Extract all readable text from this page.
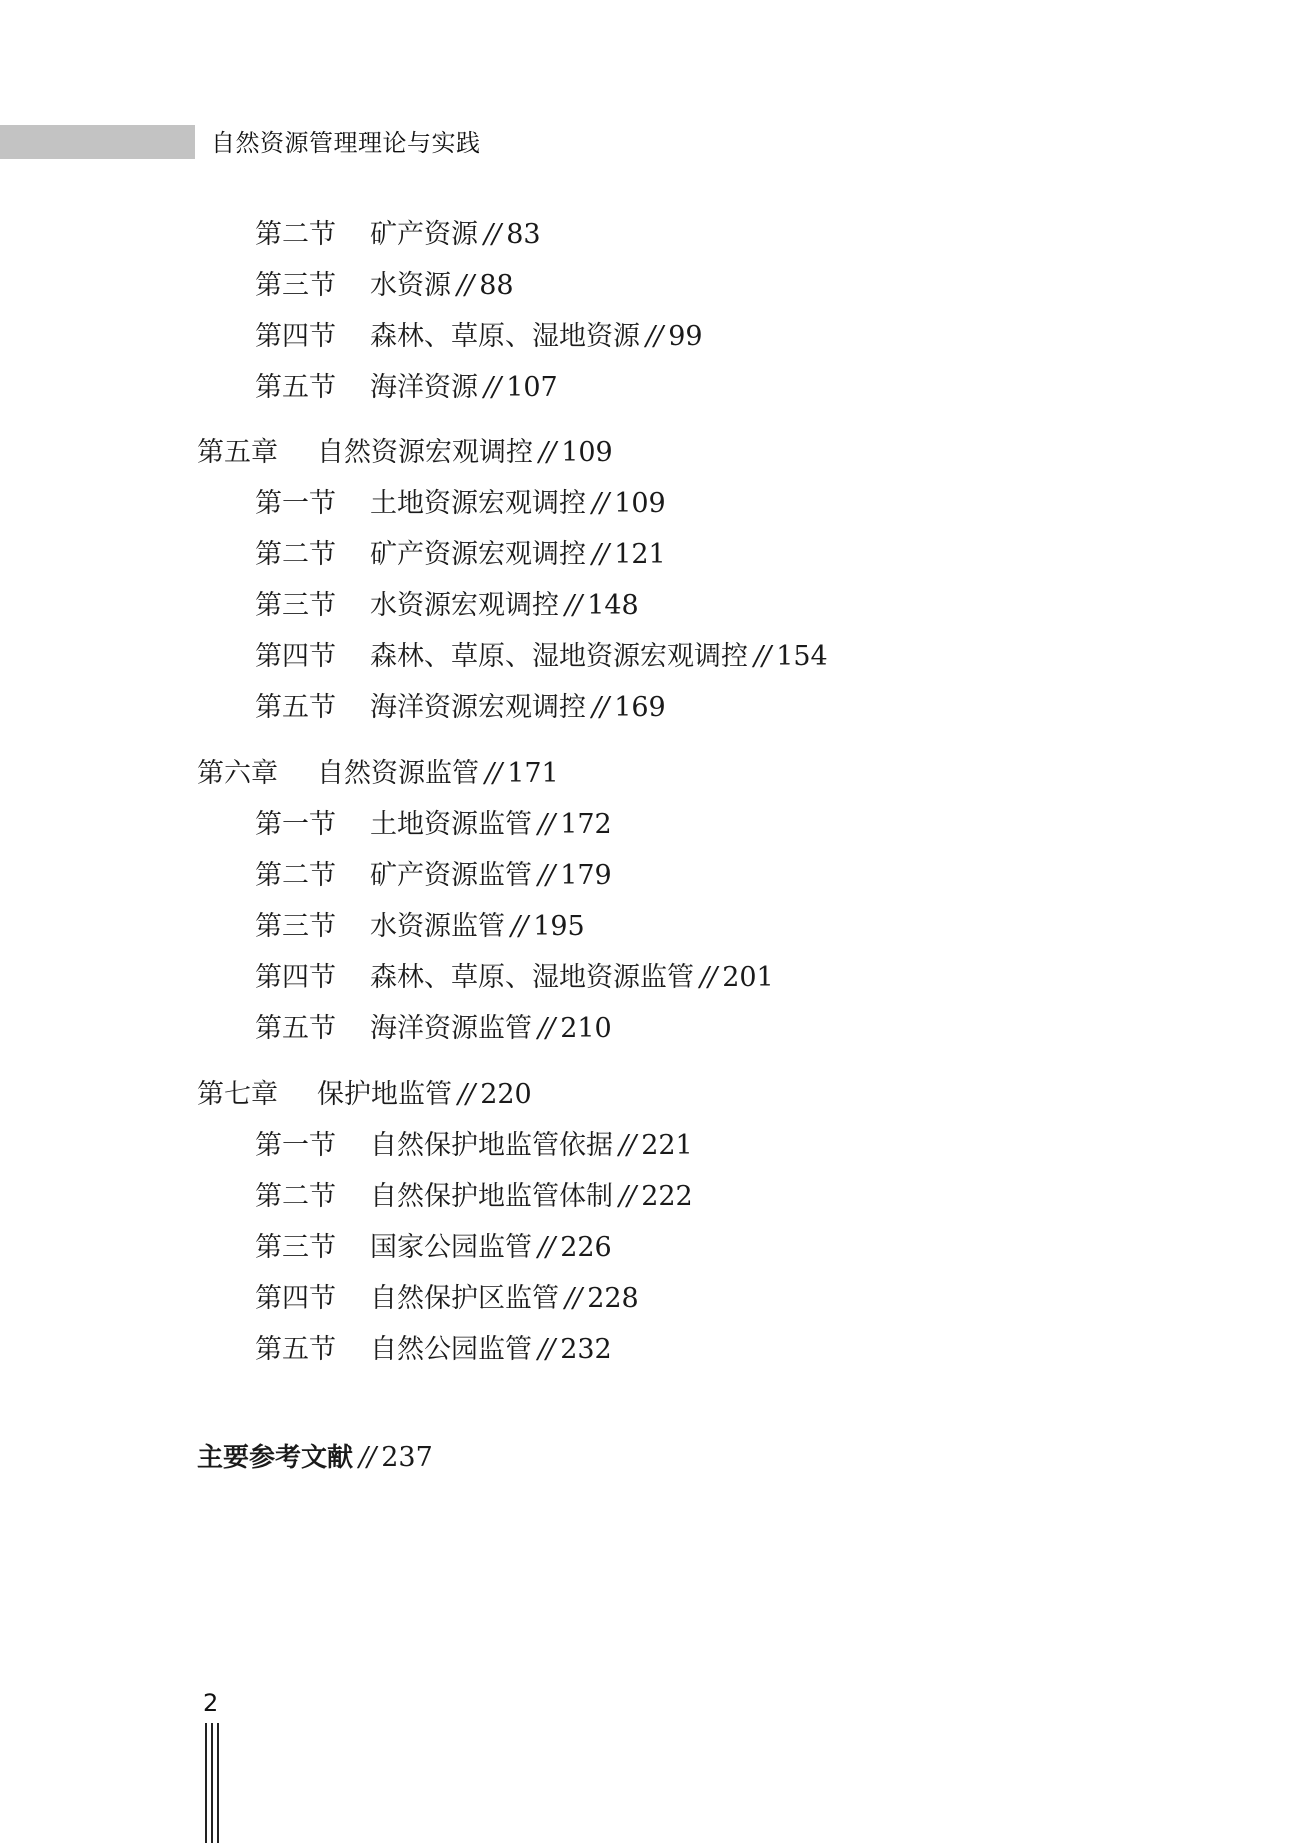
自然资源管理理论与实践
第二节 矿产资源 // 83
第三节 水资源 // 88
第四节 森林、草原、湿地资源 // 99
第五节 海洋资源 // 107
第五章 自然资源宏观调控 // 109
第一节 土地资源宏观调控 // 109
第二节 矿产资源宏观调控 // 121
第三节 水资源宏观调控 // 148
第四节 森林、草原、湿地资源宏观调控 // 154
第五节 海洋资源宏观调控 // 169
第六章 自然资源监管 // 171
第一节 土地资源监管 // 172
第二节 矿产资源监管 // 179
第三节 水资源监管 // 195
第四节 森林、草原、湿地资源监管 // 201
第五节 海洋资源监管 // 210
第七章 保护地监管 // 220
第一节 自然保护地监管依据 // 221
第二节 自然保护地监管体制 // 222
第三节 国家公园监管 // 226
第四节 自然保护区监管 // 228
第五节 自然公园监管 // 232
主要参考文献 // 237
2
